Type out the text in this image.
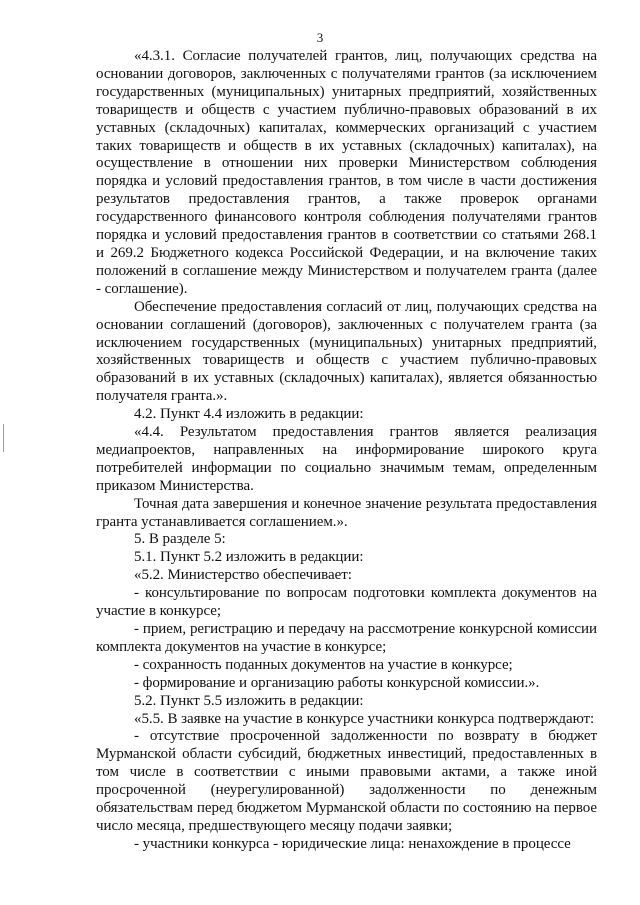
3

«4.3.1. Согласие получателей грантов, лиц, получающих средства на основании договоров, заключенных с получателями грантов (за исключением государственных (муниципальных) унитарных предприятий, хозяйственных товариществ и обществ с участием публично-правовых образований в их уставных (складочных) капиталах, коммерческих организаций с участием таких товариществ и обществ в их уставных (складочных) капиталах), на осуществление в отношении них проверки Министерством соблюдения порядка и условий предоставления грантов, в том числе в части достижения результатов предоставления грантов, а также проверок органами государственного финансового контроля соблюдения получателями грантов порядка и условий предоставления грантов в соответствии со статьями 268.1 и 269.2 Бюджетного кодекса Российской Федерации, и на включение таких положений в соглашение между Министерством и получателем гранта (далее - соглашение).

Обеспечение предоставления согласий от лиц, получающих средства на основании соглашений (договоров), заключенных с получателем гранта (за исключением государственных (муниципальных) унитарных предприятий, хозяйственных товариществ и обществ с участием публично-правовых образований в их уставных (складочных) капиталах), является обязанностью получателя гранта.».

4.2. Пункт 4.4 изложить в редакции:

«4.4. Результатом предоставления грантов является реализация медиапроектов, направленных на информирование широкого круга потребителей информации по социально значимым темам, определенным приказом Министерства.

Точная дата завершения и конечное значение результата предоставления гранта устанавливается соглашением.».

5. В разделе 5:

5.1. Пункт 5.2 изложить в редакции:

«5.2. Министерство обеспечивает:

- консультирование по вопросам подготовки комплекта документов на участие в конкурсе;

- прием, регистрацию и передачу на рассмотрение конкурсной комиссии комплекта документов на участие в конкурсе;

- сохранность поданных документов на участие в конкурсе;

- формирование и организацию работы конкурсной комиссии.».

5.2. Пункт 5.5 изложить в редакции:

«5.5. В заявке на участие в конкурсе участники конкурса подтверждают:

- отсутствие просроченной задолженности по возврату в бюджет Мурманской области субсидий, бюджетных инвестиций, предоставленных в том числе в соответствии с иными правовыми актами, а также иной просроченной (неурегулированной) задолженности по денежным обязательствам перед бюджетом Мурманской области по состоянию на первое число месяца, предшествующего месяцу подачи заявки;

- участники конкурса - юридические лица: ненахождение в процессе
